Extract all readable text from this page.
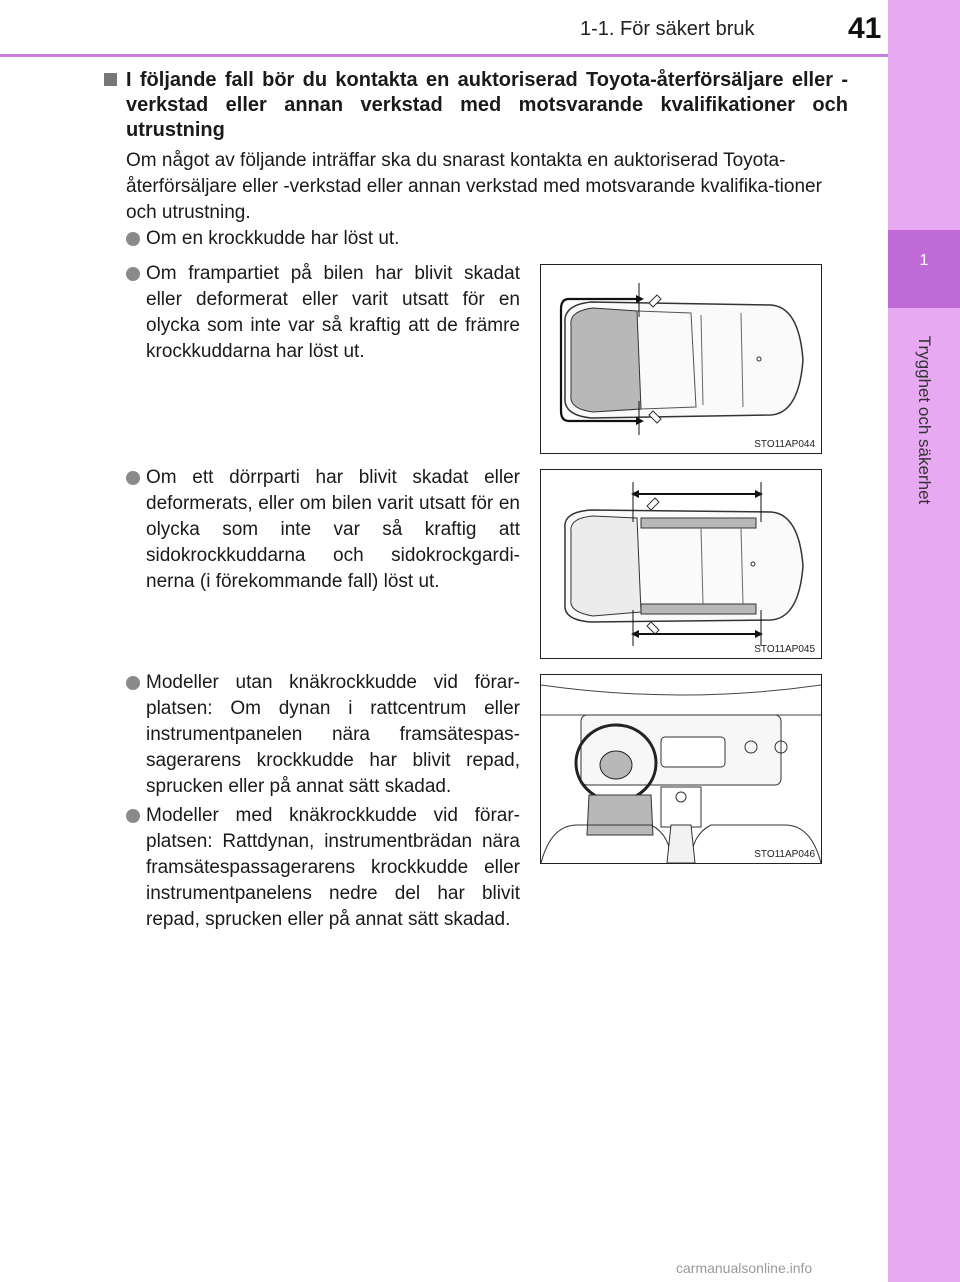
1-1. För säkert bruk	41
1
Trygghet och säkerhet
I följande fall bör du kontakta en auktoriserad Toyota-återförsäljare eller -verkstad eller annan verkstad med motsvarande kvalifikationer och utrustning
Om något av följande inträffar ska du snarast kontakta en auktoriserad Toyota-återförsäljare eller -verkstad eller annan verkstad med motsvarande kvalifika-tioner och utrustning.
Om en krockkudde har löst ut.
Om frampartiet på bilen har blivit skadat eller deformerat eller varit utsatt för en olycka som inte var så kraftig att de främre krockkuddarna har löst ut.
Om ett dörrparti har blivit skadat eller deformerats, eller om bilen varit utsatt för en olycka som inte var så kraftig att sidokrockkuddarna och sidokrockgardi-nerna (i förekommande fall) löst ut.
Modeller utan knäkrockkudde vid förar-platsen: Om dynan i rattcentrum eller instrumentpanelen nära framsätespas-sagerarens krockkudde har blivit repad, sprucken eller på annat sätt skadad.
Modeller med knäkrockkudde vid förar-platsen: Rattdynan, instrumentbrädan nära framsätespassagerarens krockkudde eller instrumentpanelens nedre del har blivit repad, sprucken eller på annat sätt skadad.
STO11AP044
STO11AP045
STO11AP046
carmanualsonline.info
